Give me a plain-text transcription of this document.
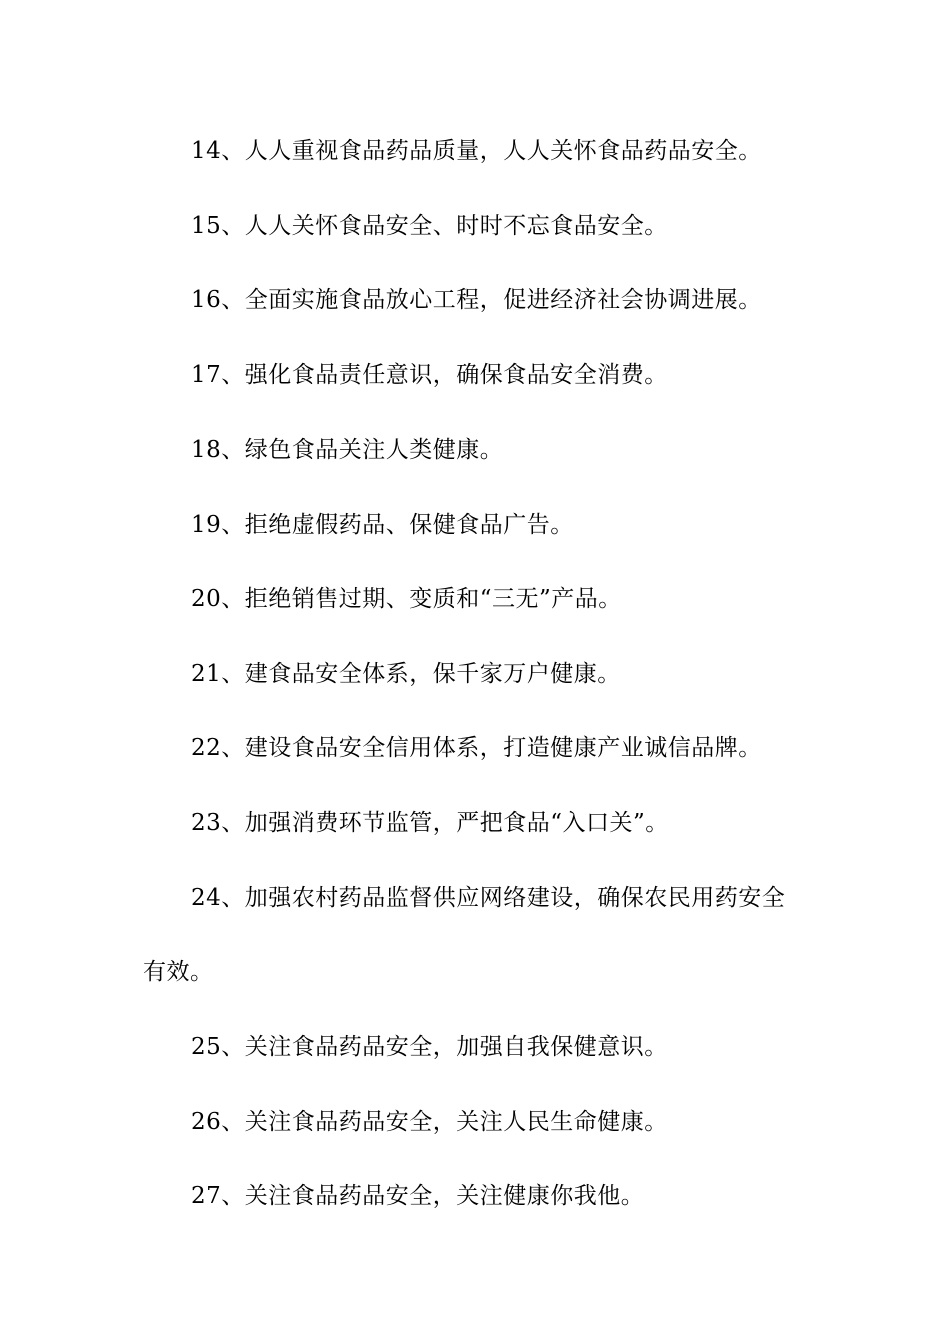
14、人人重视食品药品质量，人人关怀食品药品安全。
15、人人关怀食品安全、时时不忘食品安全。
16、全面实施食品放心工程，促进经济社会协调进展。
17、强化食品责任意识，确保食品安全消费。
18、绿色食品关注人类健康。
19、拒绝虚假药品、保健食品广告。
20、拒绝销售过期、变质和“三无”产品。
21、建食品安全体系，保千家万户健康。
22、建设食品安全信用体系，打造健康产业诚信品牌。
23、加强消费环节监管，严把食品“入口关”。
24、加强农村药品监督供应网络建设，确保农民用药安全
有效。
25、关注食品药品安全，加强自我保健意识。
26、关注食品药品安全，关注人民生命健康。
27、关注食品药品安全，关注健康你我他。
